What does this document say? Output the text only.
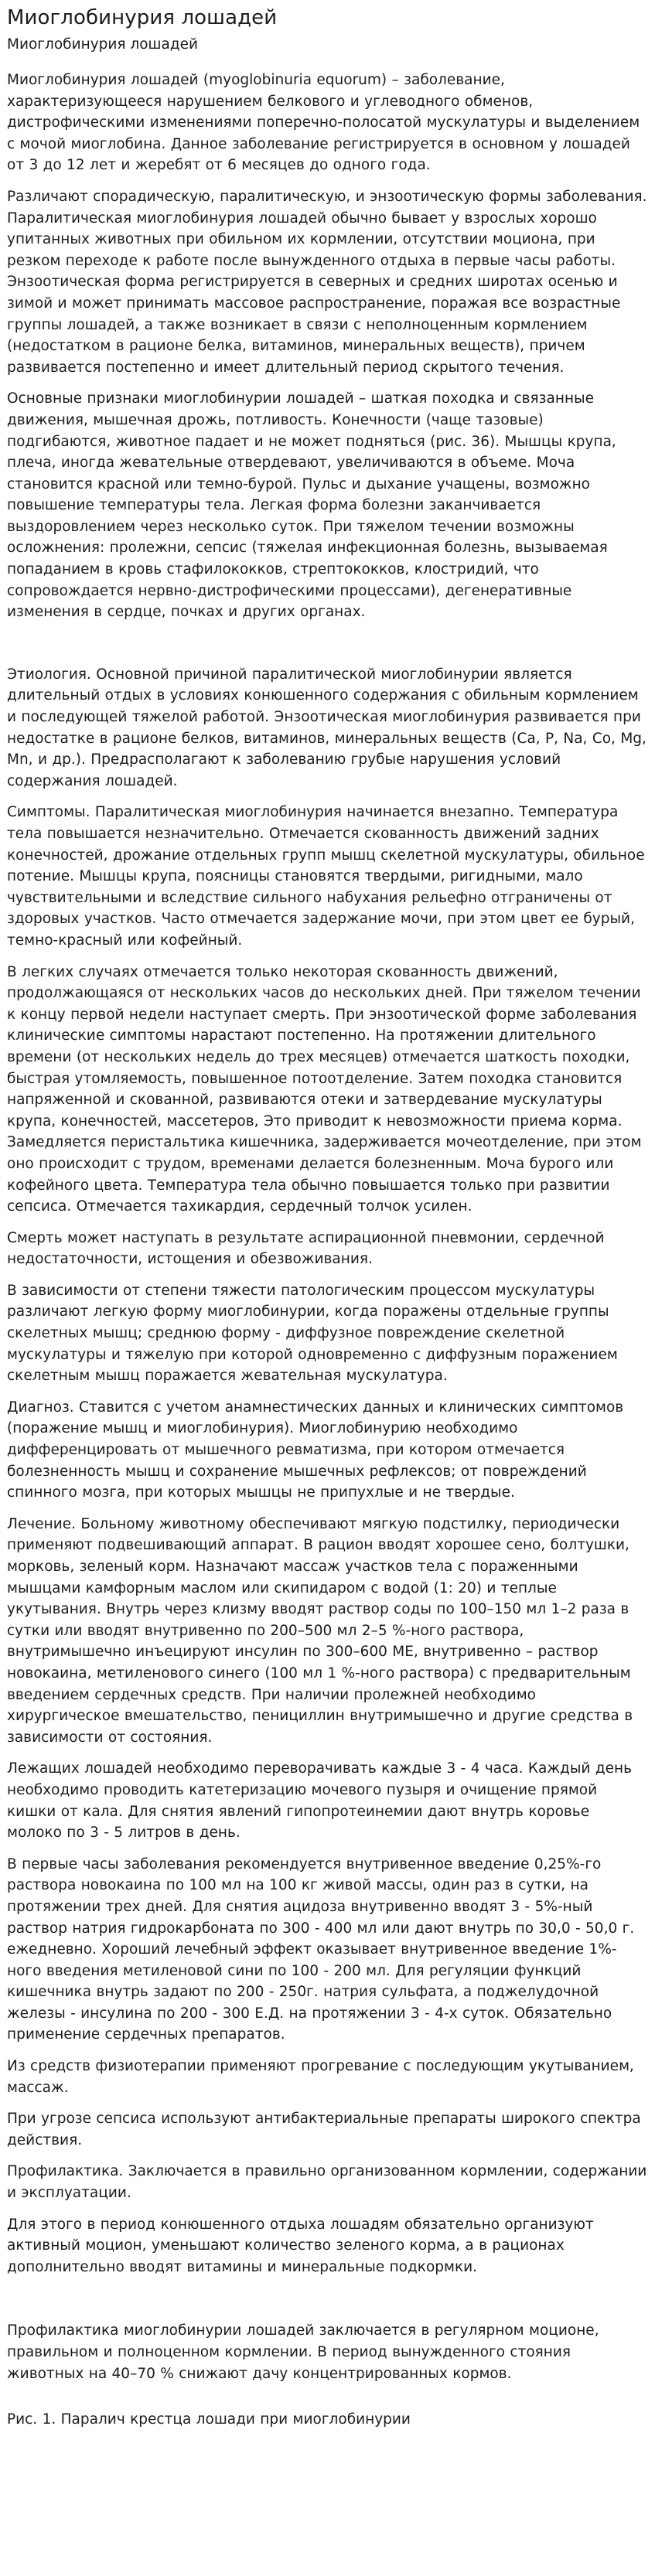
Миоглобинурия лошадей
Миоглобинурия лошадей

Миоглобинурия лошадей (myoglobinuria equorum) – заболевание, характеризующееся нарушением белкового и углеводного обменов, дистрофическими изменениями поперечно-полосатой мускулатуры и выделением с мочой миоглобина. Данное заболевание регистрируется в основном у лошадей от 3 до 12 лет и жеребят от 6 месяцев до одного года.

Различают спорадическую, паралитическую, и энзоотическую формы заболевания. Паралитическая миоглобинурия лошадей обычно бывает у взрослых хорошо упитанных животных при обильном их кормлении, отсутствии моциона, при резком переходе к работе после вынужденного отдыха в первые часы работы. Энзоотическая форма регистрируется в северных и средних широтах осенью и зимой и может принимать массовое распространение, поражая все возрастные группы лошадей, а также возникает в связи с неполноценным кормлением (недостатком в рационе белка, витаминов, минеральных веществ), причем развивается постепенно и имеет длительный период скрытого течения.

Основные признаки миоглобинурии лошадей – шаткая походка и связанные движения, мышечная дрожь, потливость. Конечности (чаще тазовые) подгибаются, животное падает и не может подняться (рис. 36). Мышцы крупа, плеча, иногда жевательные отвердевают, увеличиваются в объеме. Моча становится красной или темно-бурой. Пульс и дыхание учащены, возможно повышение температуры тела. Легкая форма болезни заканчивается выздоровлением через несколько суток. При тяжелом течении возможны осложнения: пролежни, сепсис (тяжелая инфекционная болезнь, вызываемая попаданием в кровь стафилококков, стрептококков, клостридий, что сопровождается нервно-дистрофическими процессами), дегенеративные изменения в сердце, почках и других органах.

Этиология. Основной причиной паралитической миоглобинурии является длительный отдых в условиях конюшенного содержания с обильным кормлением и последующей тяжелой работой. Энзоотическая миоглобинурия развивается при недостатке в рационе белков, витаминов, минеральных веществ (Ca, P, Na, Co, Mg, Mn, и др.). Предрасполагают к заболеванию грубые нарушения условий содержания лошадей.

Симптомы. Паралитическая миоглобинурия начинается внезапно. Температура тела повышается незначительно. Отмечается скованность движений задних конечностей, дрожание отдельных групп мышц скелетной мускулатуры, обильное потение. Мышцы крупа, поясницы становятся твердыми, ригидными, мало чувствительными и вследствие сильного набухания рельефно отграничены от здоровых участков. Часто отмечается задержание мочи, при этом цвет ее бурый, темно-красный или кофейный.

В легких случаях отмечается только некоторая скованность движений, продолжающаяся от нескольких часов до нескольких дней. При тяжелом течении к концу первой недели наступает смерть. При энзоотической форме заболевания клинические симптомы нарастают постепенно. На протяжении длительного времени (от нескольких недель до трех месяцев) отмечается шаткость походки, быстрая утомляемость, повышенное потоотделение. Затем походка становится напряженной и скованной, развиваются отеки и затвердевание мускулатуры крупа, конечностей, массетеров, Это приводит к невозможности приема корма. Замедляется перистальтика кишечника, задерживается мочеотделение, при этом оно происходит с трудом, временами делается болезненным. Моча бурого или кофейного цвета. Температура тела обычно повышается только при развитии сепсиса. Отмечается тахикардия, сердечный толчок усилен.

Смерть может наступать в результате аспирационной пневмонии, сердечной недостаточности, истощения и обезвоживания.

В зависимости от степени тяжести патологическим процессом мускулатуры различают легкую форму миоглобинурии, когда поражены отдельные группы скелетных мышц; среднюю форму - диффузное повреждение скелетной мускулатуры и тяжелую при которой одновременно с диффузным поражением скелетным мышц поражается жевательная мускулатура.

Диагноз. Ставится с учетом анамнестических данных и клинических симптомов (поражение мышц и миоглобинурия). Миоглобинурию необходимо дифференцировать от мышечного ревматизма, при котором отмечается болезненность мышц и сохранение мышечных рефлексов; от повреждений спинного мозга, при которых мышцы не припухлые и не твердые.

Лечение. Больному животному обеспечивают мягкую подстилку, периодически применяют подвешивающий аппарат. В рацион вводят хорошее сено, болтушки, морковь, зеленый корм. Назначают массаж участков тела с пораженными мышцами камфорным маслом или скипидаром с водой (1: 20) и теплые укутывания. Внутрь через клизму вводят раствор соды по 100–150 мл 1–2 раза в сутки или вводят внутривенно по 200–500 мл 2–5 %-ного раствора, внутримышечно инъецируют инсулин по 300–600 МЕ, внутривенно – раствор новокаина, метиленового синего (100 мл 1 %-ного раствора) с предварительным введением сердечных средств. При наличии пролежней необходимо хирургическое вмешательство, пенициллин внутримышечно и другие средства в зависимости от состояния.

Лежащих лошадей необходимо переворачивать каждые 3 - 4 часа. Каждый день необходимо проводить катетеризацию мочевого пузыря и очищение прямой кишки от кала. Для снятия явлений гипопротеинемии дают внутрь коровье молоко по 3 - 5 литров в день.

В первые часы заболевания рекомендуется внутривенное введение 0,25%-го раствора новокаина по 100 мл на 100 кг живой массы, один раз в сутки, на протяжении трех дней. Для снятия ацидоза внутривенно вводят 3 - 5%-ный раствор натрия гидрокарбоната по 300 - 400 мл или дают внутрь по 30,0 - 50,0 г. ежедневно. Хороший лечебный эффект оказывает внутривенное введение 1%-ного введения метиленовой сини по 100 - 200 мл. Для регуляции функций кишечника внутрь задают по 200 - 250г. натрия сульфата, а поджелудочной железы - инсулина по 200 - 300 Е.Д. на протяжении 3 - 4-х суток. Обязательно применение сердечных препаратов.

Из средств физиотерапии применяют прогревание с последующим укутыванием, массаж.

При угрозе сепсиса используют антибактериальные препараты широкого спектра действия.

Профилактика. Заключается в правильно организованном кормлении, содержании и эксплуатации.

Для этого в период конюшенного отдыха лошадям обязательно организуют активный моцион, уменьшают количество зеленого корма, а в рационах дополнительно вводят витамины и минеральные подкормки.

Профилактика миоглобинурии лошадей заключается в регулярном моционе, правильном и полноценном кормлении. В период вынужденного стояния животных на 40–70 % снижают дачу концентрированных кормов.

Рис. 1. Паралич крестца лошади при миоглобинурии
